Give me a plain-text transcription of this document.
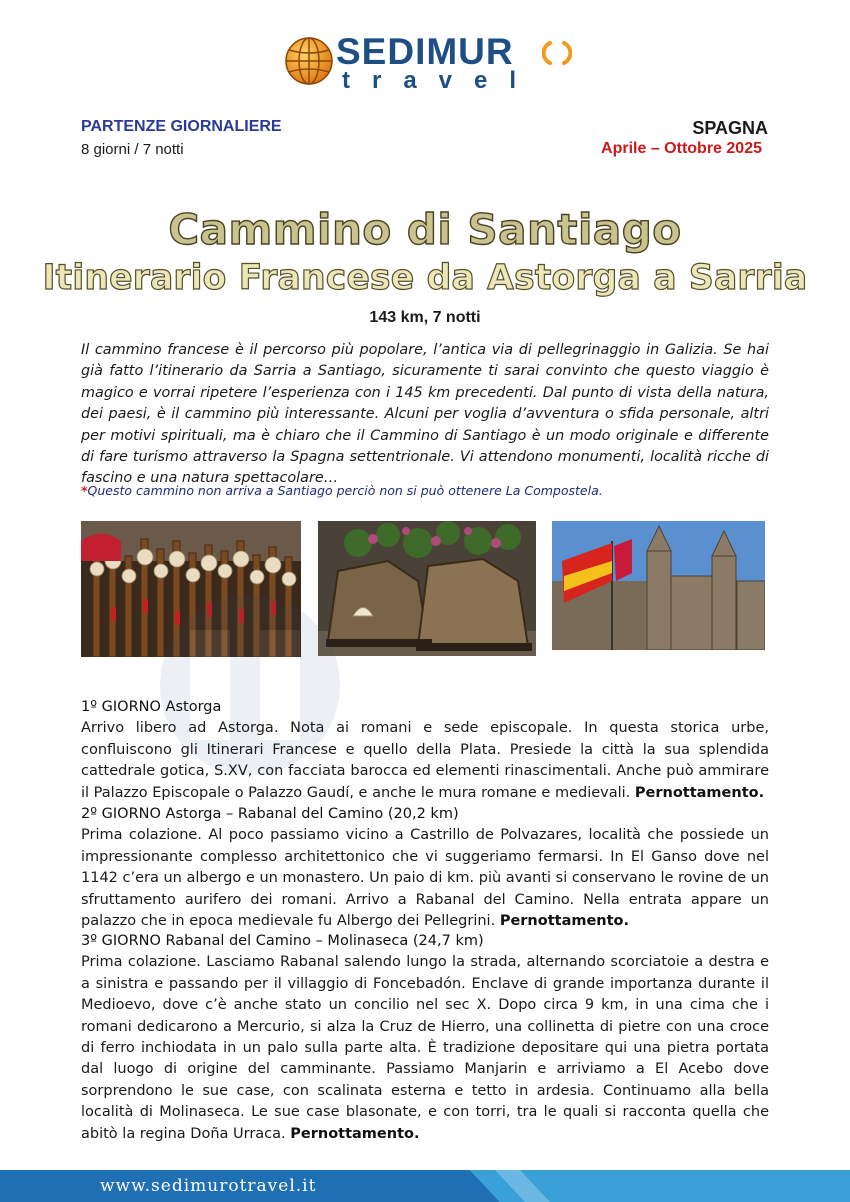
SEDIMUR
travel
PARTENZE GIORNALIERE
8 giorni / 7 notti
SPAGNA
Aprile – Ottobre 2025
Cammino di Santiago
Itinerario Francese da Astorga a Sarria
143 km, 7 notti
Il cammino francese è il percorso più popolare, l’antica via di pellegrinaggio in Galizia. Se hai già fatto l’itinerario da Sarria a Santiago, sicuramente ti sarai convinto che questo viaggio è magico e vorrai ripetere l’esperienza con i 145 km precedenti. Dal punto di vista della natura, dei paesi, è il cammino più interessante. Alcuni per voglia d’avventura o sfida personale, altri per motivi spirituali, ma è chiaro che il Cammino di Santiago è un modo originale e differente di fare turismo attraverso la Spagna settentrionale. Vi attendono monumenti, località ricche di fascino e una natura spettacolare…
*Questo cammino non arriva a Santiago perciò non si può ottenere La Compostela.

1º GIORNO Astorga

Arrivo libero ad Astorga. Nota ai romani e sede episcopale. In questa storica urbe, confluiscono gli Itinerari Francese e quello della Plata. Presiede la città la sua splendida cattedrale gotica, S.XV, con facciata barocca ed elementi rinascimentali. Anche può ammirare il Palazzo Episcopale o Palazzo Gaudí, e anche le mura romane e medievali. Pernottamento.

2º GIORNO Astorga – Rabanal del Camino (20,2 km)

Prima colazione. Al poco passiamo vicino a Castrillo de Polvazares, località che possiede un impressionante complesso architettonico che vi suggeriamo fermarsi. In El Ganso dove nel 1142 c’era un albergo e un monastero. Un paio di km. più avanti si conservano le rovine de un sfruttamento aurifero dei romani. Arrivo a Rabanal del Camino. Nella entrata appare un palazzo che in epoca medievale fu Albergo dei Pellegrini. Pernottamento.

3º GIORNO Rabanal del Camino – Molinaseca (24,7 km)

Prima colazione. Lasciamo Rabanal salendo lungo la strada, alternando scorciatoie a destra e a sinistra e passando per il villaggio di Foncebadón. Enclave di grande importanza durante il Medioevo, dove c’è anche stato un concilio nel sec X. Dopo circa 9 km, in una cima che i romani dedicarono a Mercurio, si alza la Cruz de Hierro, una collinetta di pietre con una croce di ferro inchiodata in un palo sulla parte alta. È tradizione depositare qui una pietra portata dal luogo di origine del camminante. Passiamo Manjarin e arriviamo a El Acebo dove sorprendono le sue case, con scalinata esterna e tetto in ardesia. Continuamo alla bella località di Molinaseca. Le sue case blasonate, e con torri, tra le quali si racconta quella che abitò la regina Doña Urraca. Pernottamento.

www.sedimurotravel.it
